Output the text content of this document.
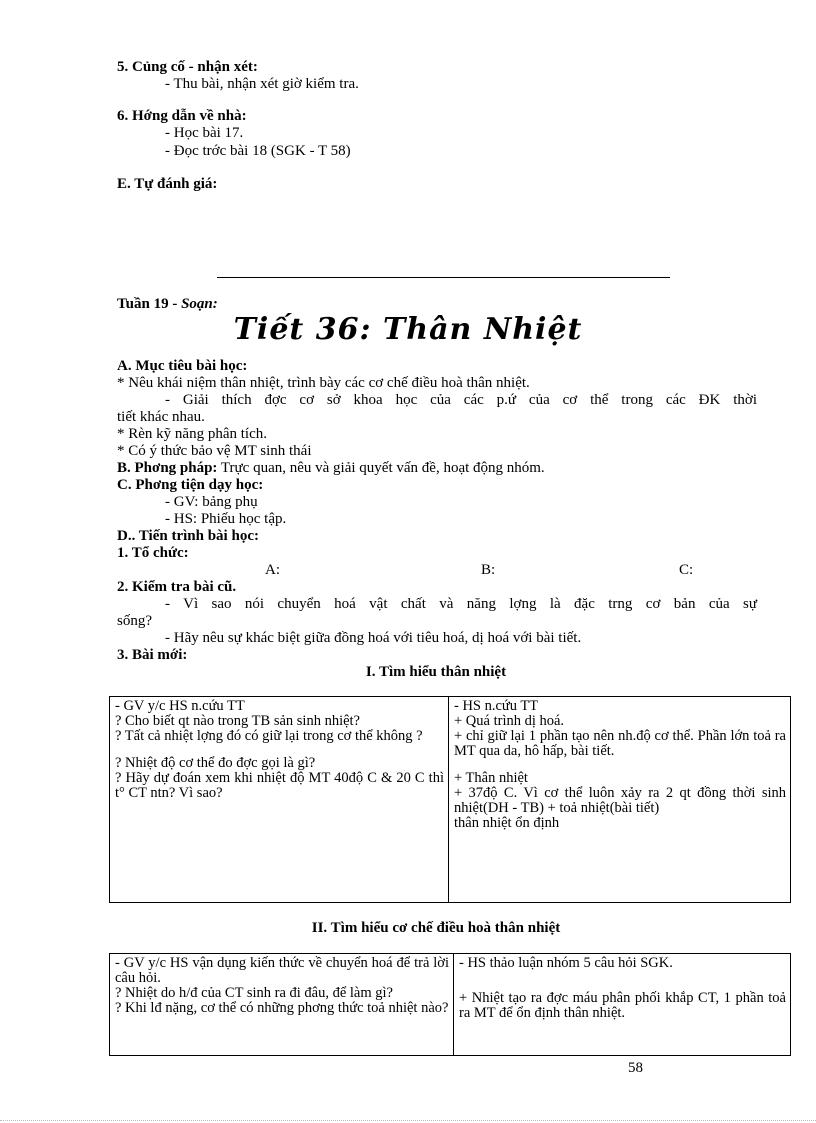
5. Củng cố - nhận xét:
- Thu bài, nhận xét giờ kiểm tra.
6. Hớng dẫn về nhà:
- Học bài 17.
- Đọc trớc bài 18 (SGK - T 58)
E. Tự đánh giá:
Tuần 19 - Soạn:
Tiết 36: Thân Nhiệt
A. Mục tiêu bài học:
* Nêu khái niệm thân nhiệt, trình bày các cơ chế điều hoà thân nhiệt.
- Giải thích đợc cơ sở khoa học của các p.ứ của cơ thể trong các ĐK thời
tiết khác nhau.
* Rèn kỹ năng phân tích.
* Có ý thức bảo vệ MT sinh thái
B. Phơng pháp: Trực quan, nêu và giải quyết vấn đề, hoạt động nhóm.
C. Phơng tiện dạy học:
- GV: bảng phụ
- HS: Phiếu học tập.
D.. Tiến trình bài học:
1. Tổ chức:
A:	B:	C:
2. Kiểm tra bài cũ.
- Vì sao nói chuyển hoá vật chất và năng lợng là đặc trng cơ bản của sự
sống?
- Hãy nêu sự khác biệt giữa đồng hoá với tiêu hoá, dị hoá với bài tiết.
3. Bài mới:
I. Tìm hiểu thân nhiệt
- GV y/c HS n.cứu TT
? Cho biết qt nào trong TB sản sinh nhiệt?
? Tất cả nhiệt lợng đó có giữ lại trong cơ thể không ?
? Nhiệt độ cơ thể đo đợc gọi là gì?
? Hãy dự đoán xem khi nhiệt độ MT 40độ C & 20 C thì t° CT ntn? Vì sao?

- HS n.cứu TT
+ Quá trình dị hoá.
+ chỉ giữ lại 1 phần tạo nên nh.độ cơ thể. Phần lớn toả ra MT qua da, hô hấp, bài tiết.
+ Thân nhiệt
+ 37độ C. Vì cơ thể luôn xảy ra 2 qt đồng thời sinh nhiệt(DH - TB) + toả nhiệt(bài tiết)
thân nhiệt ổn định
II. Tìm hiểu cơ chế điều hoà thân nhiệt
- GV y/c HS vận dụng kiến thức về chuyển hoá để trả lời câu hỏi.
? Nhiệt do h/đ của CT sinh ra đi đâu, để làm gì?
? Khi lđ nặng, cơ thể có những phơng thức toả nhiệt nào?

- HS thảo luận nhóm 5 câu hỏi SGK.
+ Nhiệt tạo ra đợc máu phân phối khắp CT, 1 phần toả ra MT để ổn định thân nhiệt.
58
